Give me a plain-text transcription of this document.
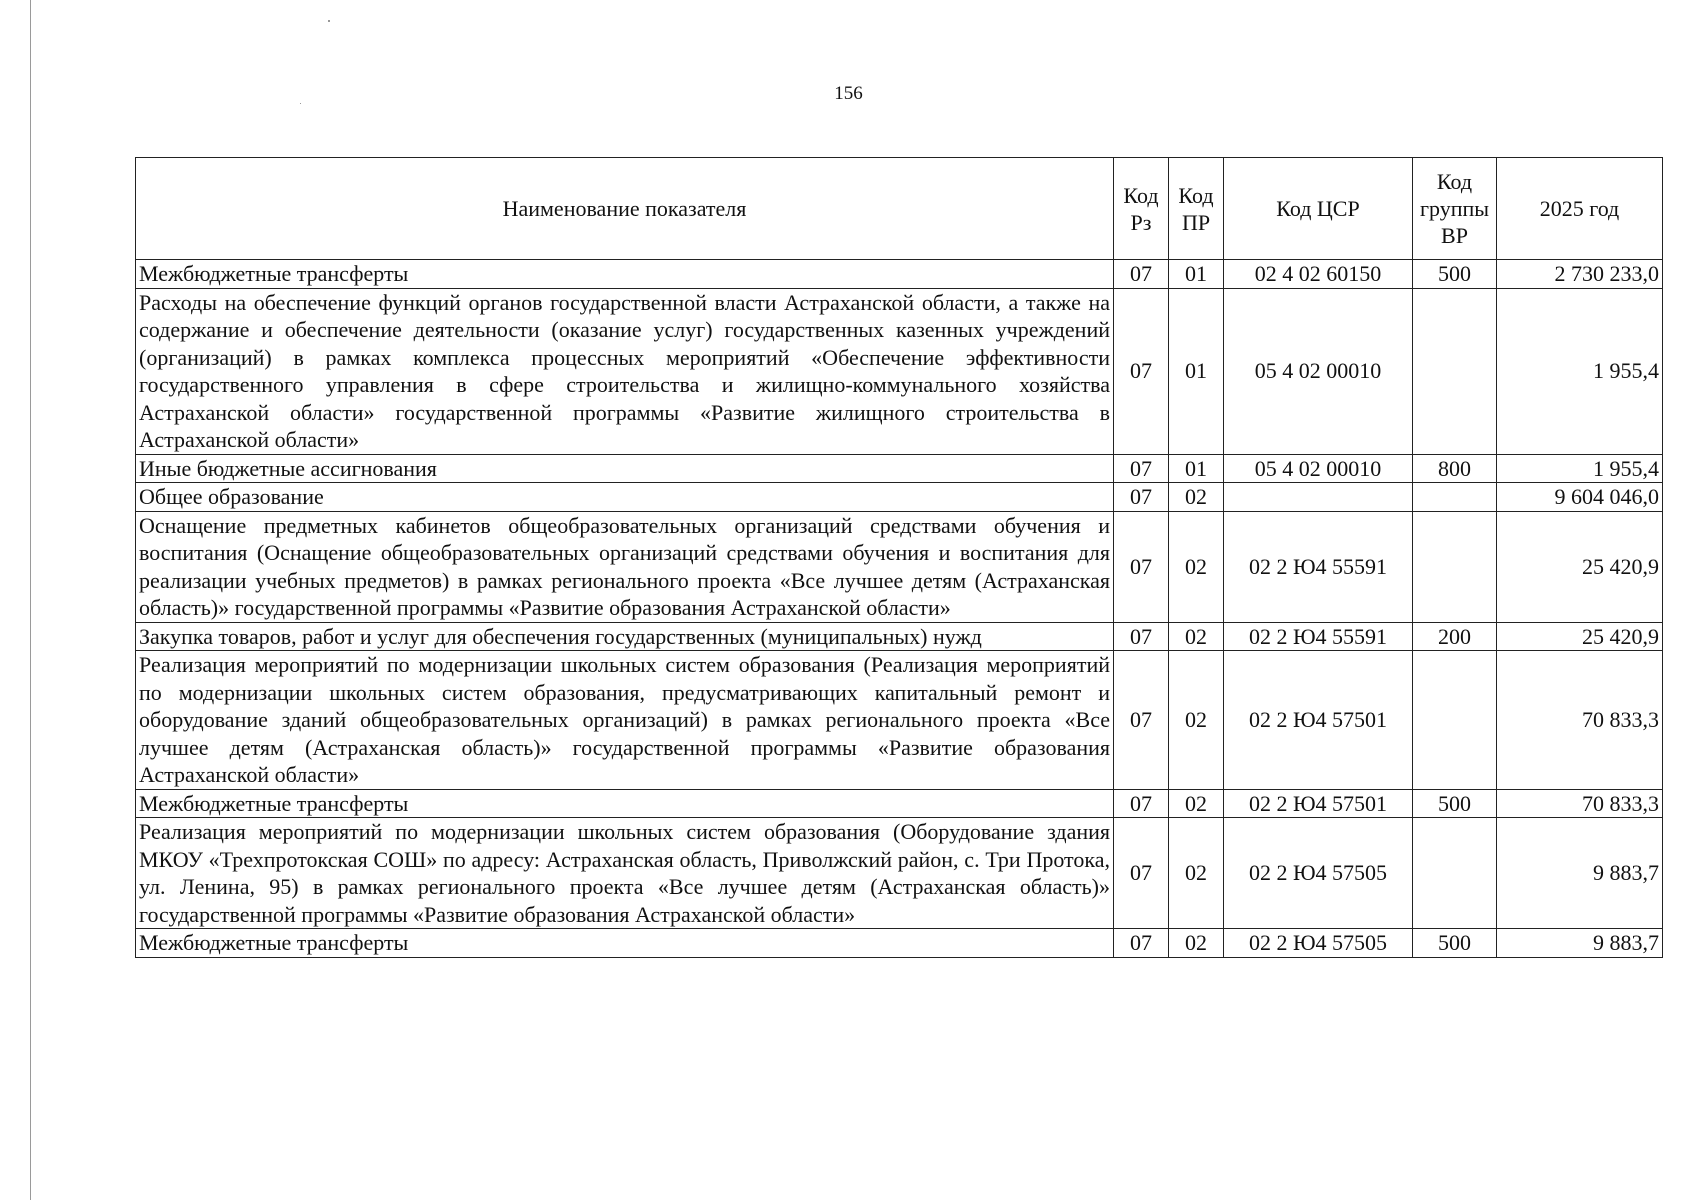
156
Наименование показателя	Код Рз	Код ПР	Код ЦСР	Код группы ВР	2025 год
Межбюджетные трансферты	07	01	02 4 02 60150	500	2 730 233,0
Расходы на обеспечение функций органов государственной власти Астраханской области, а также на содержание и обеспечение деятельности (оказание услуг) государственных казенных учреждений (организаций) в рамках комплекса процессных мероприятий «Обеспечение эффективности государственного управления в сфере строительства и жилищно-коммунального хозяйства Астраханской области» государственной программы «Развитие жилищного строительства в Астраханской области»	07	01	05 4 02 00010		1 955,4
Иные бюджетные ассигнования	07	01	05 4 02 00010	800	1 955,4
Общее образование	07	02			9 604 046,0
Оснащение предметных кабинетов общеобразовательных организаций средствами обучения и воспитания (Оснащение общеобразовательных организаций средствами обучения и воспитания для реализации учебных предметов) в рамках регионального проекта «Все лучшее детям (Астраханская область)» государственной программы «Развитие образования Астраханской области»	07	02	02 2 Ю4 55591		25 420,9
Закупка товаров, работ и услуг для обеспечения государственных (муниципальных) нужд	07	02	02 2 Ю4 55591	200	25 420,9
Реализация мероприятий по модернизации школьных систем образования (Реализация мероприятий по модернизации школьных систем образования, предусматривающих капитальный ремонт и оборудование зданий общеобразовательных организаций) в рамках регионального проекта «Все лучшее детям (Астраханская область)» государственной программы «Развитие образования Астраханской области»	07	02	02 2 Ю4 57501		70 833,3
Межбюджетные трансферты	07	02	02 2 Ю4 57501	500	70 833,3
Реализация мероприятий по модернизации школьных систем образования (Оборудование здания МКОУ «Трехпротокская СОШ» по адресу: Астраханская область, Приволжский район, с. Три Протока, ул. Ленина, 95) в рамках регионального проекта «Все лучшее детям (Астраханская область)» государственной программы «Развитие образования Астраханской области»	07	02	02 2 Ю4 57505		9 883,7
Межбюджетные трансферты	07	02	02 2 Ю4 57505	500	9 883,7
